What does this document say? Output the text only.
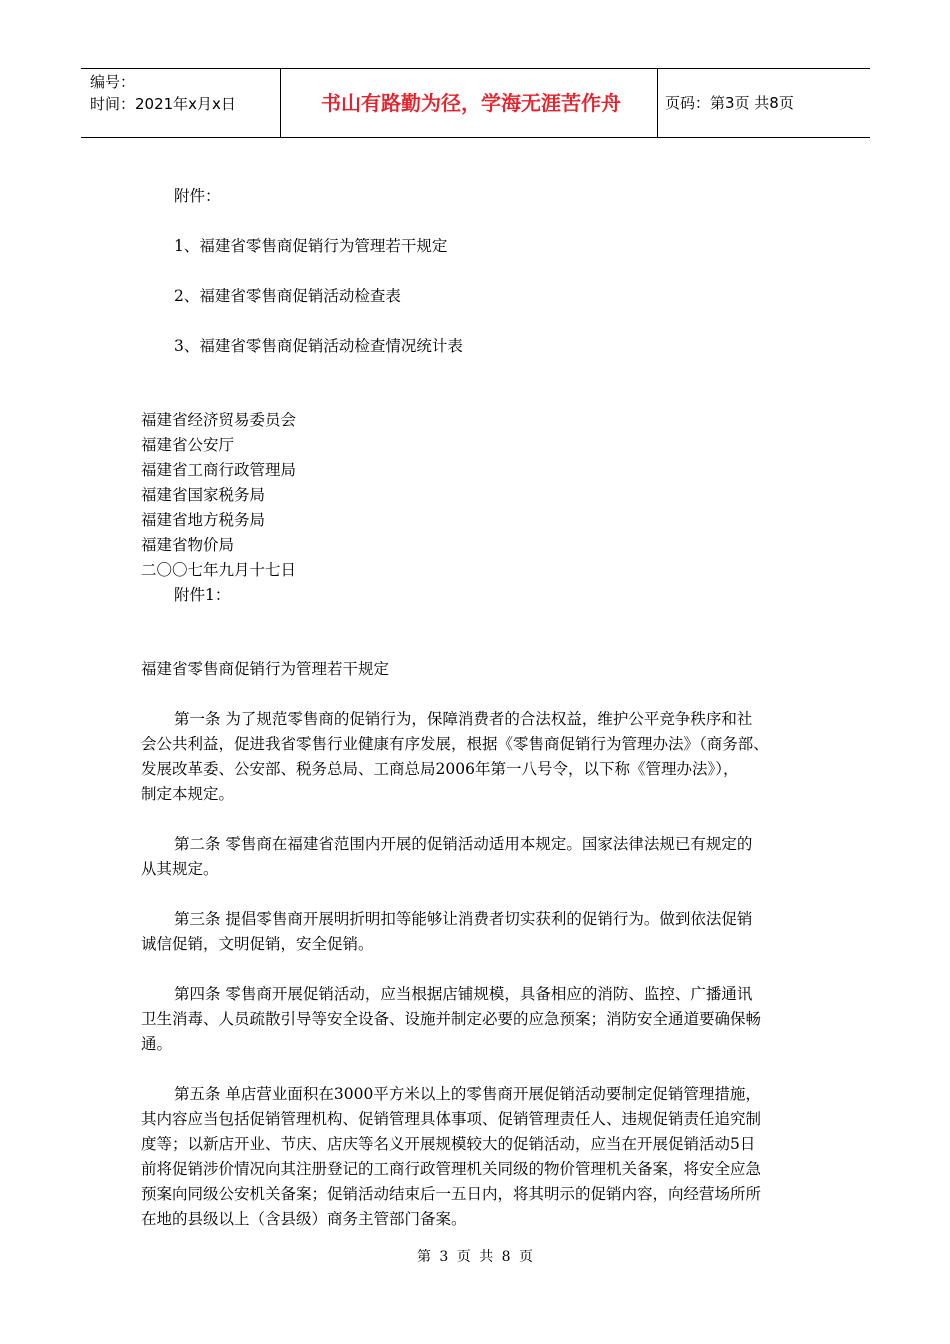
编号：
时间：2021年x月x日	书山有路勤为径，学海无涯苦作舟	页码：第3页 共8页
附件：
1、福建省零售商促销行为管理若干规定
2、福建省零售商促销活动检查表
3、福建省零售商促销活动检查情况统计表
福建省经济贸易委员会
福建省公安厅
福建省工商行政管理局
福建省国家税务局
福建省地方税务局
福建省物价局
二〇〇七年九月十七日
附件1：
福建省零售商促销行为管理若干规定
第一条 为了规范零售商的促销行为，保障消费者的合法权益，维护公平竞争秩序和社
会公共利益，促进我省零售行业健康有序发展，根据《零售商促销行为管理办法》（商务部、
发展改革委、公安部、税务总局、工商总局2006年第一八号令，以下称《管理办法》），
制定本规定。
第二条 零售商在福建省范围内开展的促销活动适用本规定。国家法律法规已有规定的
从其规定。
第三条 提倡零售商开展明折明扣等能够让消费者切实获利的促销行为。做到依法促销
诚信促销，文明促销，安全促销。
第四条 零售商开展促销活动，应当根据店铺规模，具备相应的消防、监控、广播通讯
卫生消毒、人员疏散引导等安全设备、设施并制定必要的应急预案；消防安全通道要确保畅
通。
第五条 单店营业面积在3000平方米以上的零售商开展促销活动要制定促销管理措施，
其内容应当包括促销管理机构、促销管理具体事项、促销管理责任人、违规促销责任追究制
度等；以新店开业、节庆、店庆等名义开展规模较大的促销活动，应当在开展促销活动5日
前将促销涉价情况向其注册登记的工商行政管理机关同级的物价管理机关备案，将安全应急
预案向同级公安机关备案；促销活动结束后一五日内，将其明示的促销内容，向经营场所所
在地的县级以上（含县级）商务主管部门备案。
第 3 页 共 8 页
